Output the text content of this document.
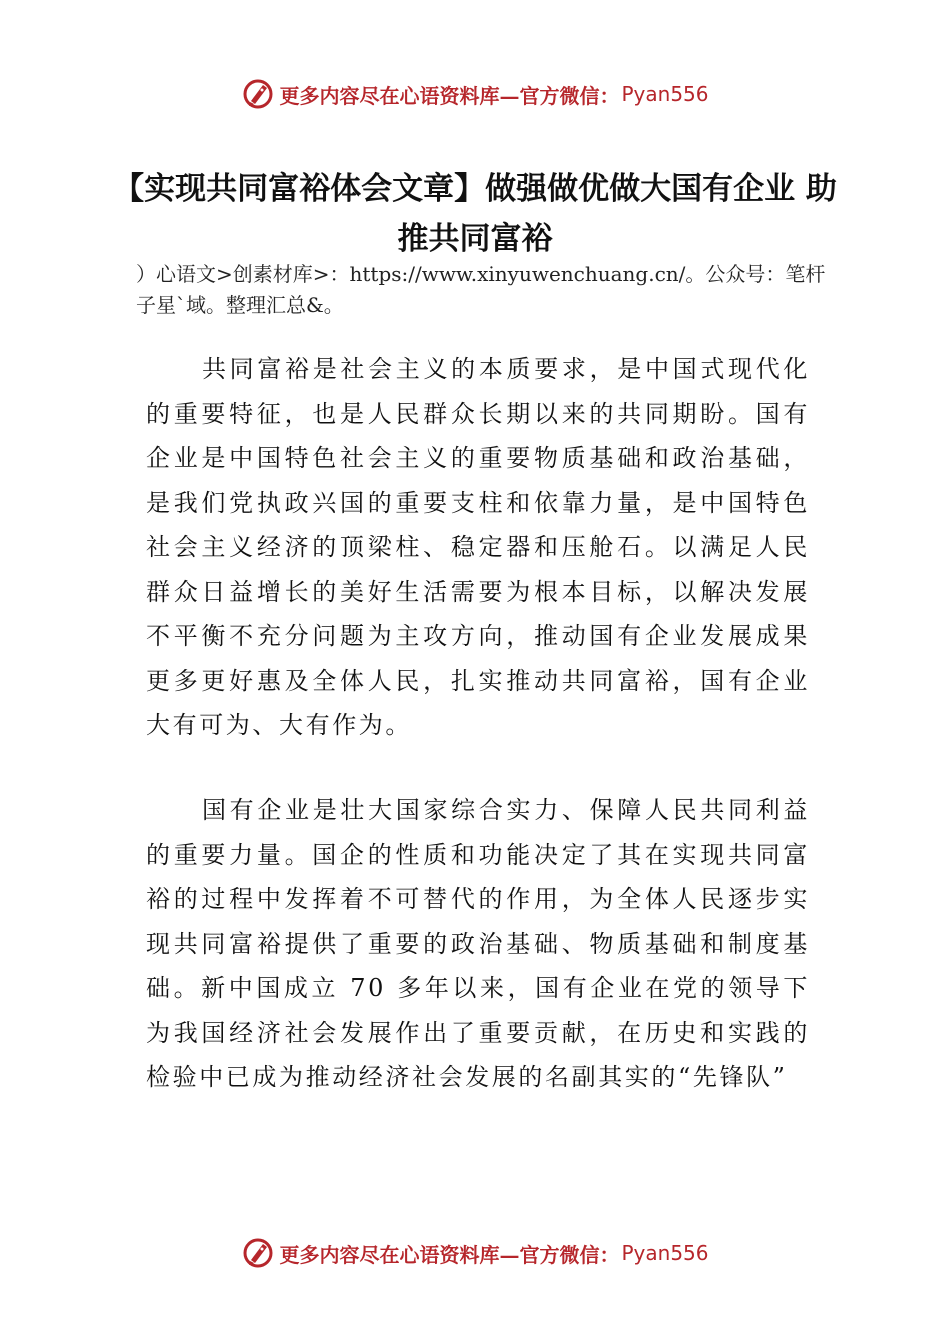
更多内容尽在心语资料库—官方微信： Pyan556
【实现共同富裕体会文章】做强做优做大国有企业 助推共同富裕
）心语文>创素材库>：https://www.xinyuwenchuang.cn/。公众号：笔杆子星`域。整理汇总&。
共同富裕是社会主义的本质要求，是中国式现代化的重要特征，也是人民群众长期以来的共同期盼。国有企业是中国特色社会主义的重要物质基础和政治基础，是我们党执政兴国的重要支柱和依靠力量，是中国特色社会主义经济的顶梁柱、稳定器和压舱石。以满足人民群众日益增长的美好生活需要为根本目标，以解决发展不平衡不充分问题为主攻方向，推动国有企业发展成果更多更好惠及全体人民，扎实推动共同富裕，国有企业大有可为、大有作为。
国有企业是壮大国家综合实力、保障人民共同利益的重要力量。国企的性质和功能决定了其在实现共同富裕的过程中发挥着不可替代的作用，为全体人民逐步实现共同富裕提供了重要的政治基础、物质基础和制度基础。新中国成立 70 多年以来，国有企业在党的领导下为我国经济社会发展作出了重要贡献，在历史和实践的检验中已成为推动经济社会发展的名副其实的“先锋队”
更多内容尽在心语资料库—官方微信： Pyan556
